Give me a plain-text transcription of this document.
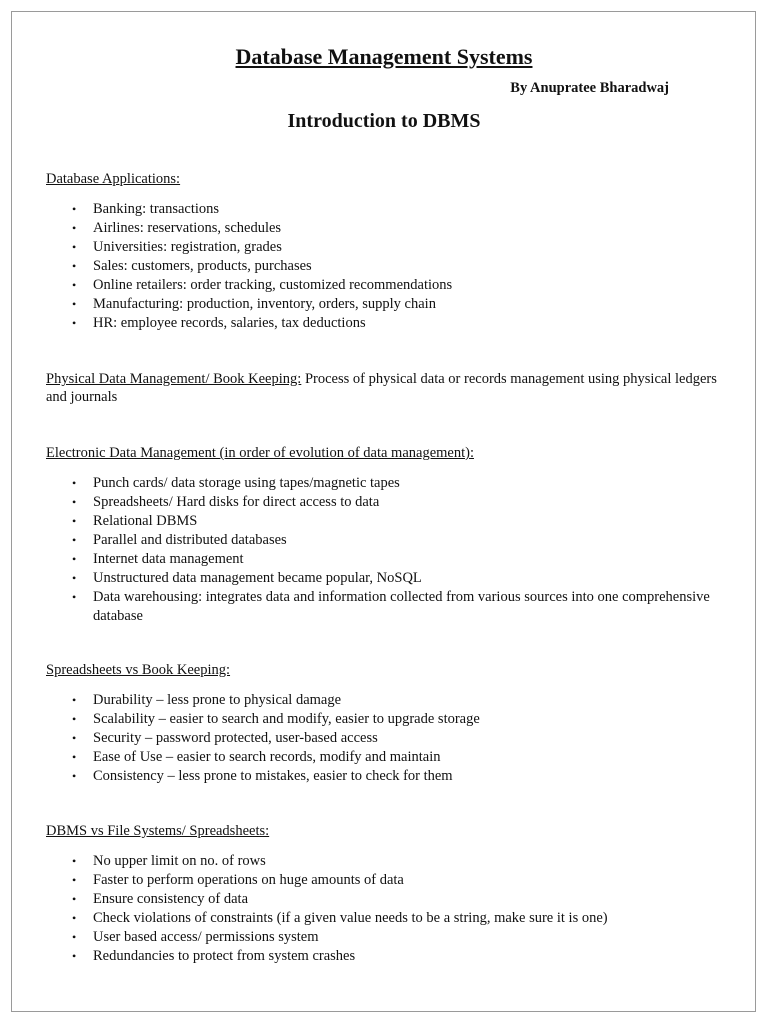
Database Management Systems

By Anupratee Bharadwaj

Introduction to DBMS

Database Applications:

• Banking: transactions
• Airlines: reservations, schedules
• Universities: registration, grades
• Sales: customers, products, purchases
• Online retailers: order tracking, customized recommendations
• Manufacturing: production, inventory, orders, supply chain
• HR: employee records, salaries, tax deductions

Physical Data Management/ Book Keeping: Process of physical data or records management using physical ledgers and journals

Electronic Data Management (in order of evolution of data management):

• Punch cards/ data storage using tapes/magnetic tapes
• Spreadsheets/ Hard disks for direct access to data
• Relational DBMS
• Parallel and distributed databases
• Internet data management
• Unstructured data management became popular, NoSQL
• Data warehousing: integrates data and information collected from various sources into one comprehensive database

Spreadsheets vs Book Keeping:

• Durability – less prone to physical damage
• Scalability – easier to search and modify, easier to upgrade storage
• Security – password protected, user-based access
• Ease of Use – easier to search records, modify and maintain
• Consistency – less prone to mistakes, easier to check for them

DBMS vs File Systems/ Spreadsheets:

• No upper limit on no. of rows
• Faster to perform operations on huge amounts of data
• Ensure consistency of data
• Check violations of constraints (if a given value needs to be a string, make sure it is one)
• User based access/ permissions system
• Redundancies to protect from system crashes
